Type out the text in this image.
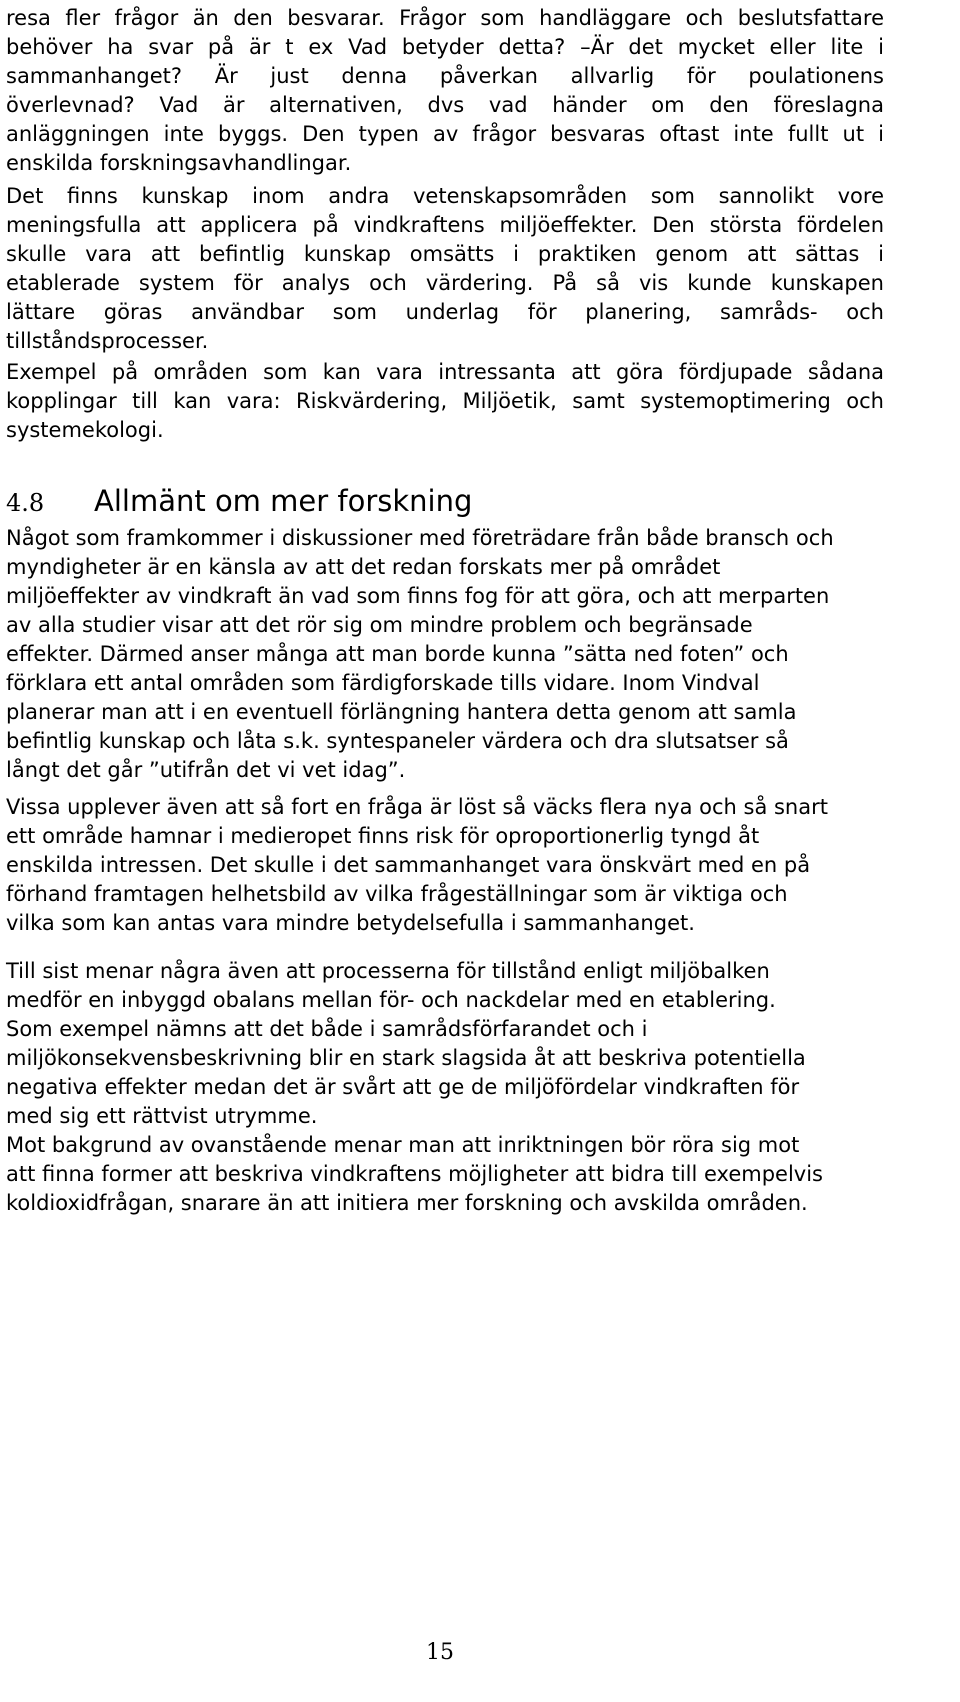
resa fler frågor än den besvarar. Frågor som handläggare och beslutsfattare
behöver ha svar på är t ex Vad betyder detta? –Är det mycket eller lite i
sammanhanget? Är just denna påverkan allvarlig för poulationens
överlevnad? Vad är alternativen, dvs vad händer om den föreslagna
anläggningen inte byggs. Den typen av frågor besvaras oftast inte fullt ut i
enskilda forskningsavhandlingar.
Det finns kunskap inom andra vetenskapsområden som sannolikt vore
meningsfulla att applicera på vindkraftens miljöeffekter. Den största fördelen
skulle vara att befintlig kunskap omsätts i praktiken genom att sättas i
etablerade system för analys och värdering. På så vis kunde kunskapen
lättare göras användbar som underlag för planering, samråds- och
tillståndsprocesser.
Exempel på områden som kan vara intressanta att göra fördjupade sådana
kopplingar till kan vara: Riskvärdering, Miljöetik, samt systemoptimering och
systemekologi.
4.8 Allmänt om mer forskning
Något som framkommer i diskussioner med företrädare från både bransch och
myndigheter är en känsla av att det redan forskats mer på området
miljöeffekter av vindkraft än vad som finns fog för att göra, och att merparten
av alla studier visar att det rör sig om mindre problem och begränsade
effekter. Därmed anser många att man borde kunna ”sätta ned foten” och
förklara ett antal områden som färdigforskade tills vidare. Inom Vindval
planerar man att i en eventuell förlängning hantera detta genom att samla
befintlig kunskap och låta s.k. syntespaneler värdera och dra slutsatser så
långt det går ”utifrån det vi vet idag”.
Vissa upplever även att så fort en fråga är löst så väcks flera nya och så snart
ett område hamnar i medieropet finns risk för oproportionerlig tyngd åt
enskilda intressen. Det skulle i det sammanhanget vara önskvärt med en på
förhand framtagen helhetsbild av vilka frågeställningar som är viktiga och
vilka som kan antas vara mindre betydelsefulla i sammanhanget.
Till sist menar några även att processerna för tillstånd enligt miljöbalken
medför en inbyggd obalans mellan för- och nackdelar med en etablering.
Som exempel nämns att det både i samrådsförfarandet och i
miljökonsekvensbeskrivning blir en stark slagsida åt att beskriva potentiella
negativa effekter medan det är svårt att ge de miljöfördelar vindkraften för
med sig ett rättvist utrymme.
Mot bakgrund av ovanstående menar man att inriktningen bör röra sig mot
att finna former att beskriva vindkraftens möjligheter att bidra till exempelvis
koldioxidfrågan, snarare än att initiera mer forskning och avskilda områden.
15
